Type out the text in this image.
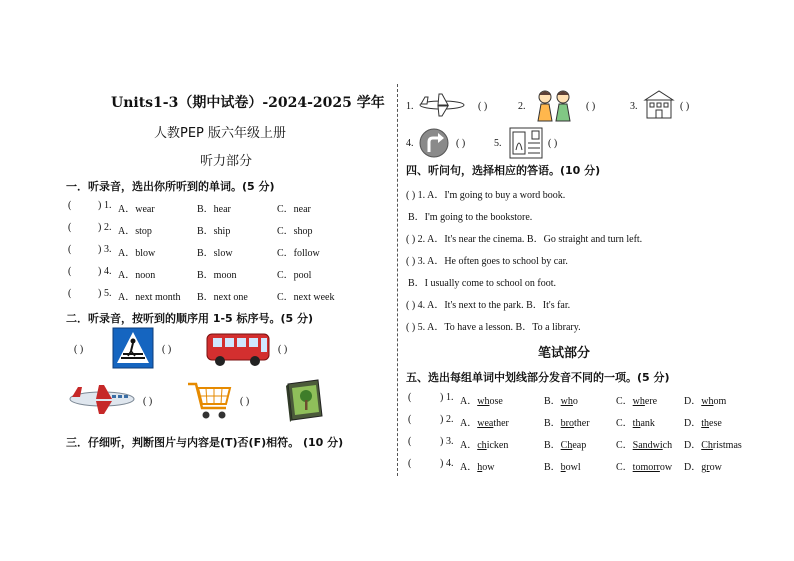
Units1-3（期中试卷）-2024-2025 学年
人教PEP 版六年级上册
听力部分
一．听录音，选出你所听到的单词。(5 分)
(	) 1. A．wear	B．hear	C．near
(	) 2. A．stop	B．ship	C．shop
(	) 3. A．blow	B．slow	C．follow
(	) 4. A．noon	B．moon	C．pool
(	) 5. A．next month B．next one	C．next week
二．听录音，按听到的顺序用 1-5 标序号。(5 分)
( )	( )	( )
( )	( )
三．仔细听，判断图片与内容是(T)否(F)相符。 (10 分)
1.	( )	2.	( )	3.	( )
4.	( )	5.	( )
四、听问句，选择相应的答语。(10 分)
( ) 1. A．I'm going to buy a word book.
B．I'm going to the bookstore.
( ) 2. A．It's near the cinema. B．Go straight and turn left.
( ) 3. A．He often goes to school by car.
B．I usually come to school on foot.
( ) 4. A．It's next to the park. B．It's far.
( ) 5. A．To have a lesson. B．To a library.
笔试部分
五、选出每组单词中划线部分发音不同的一项。(5 分)
(	) 1. A．whose	B．who	C．where	D．whom
(	) 2. A．weather	B．brother	C．thank	D．these
(	) 3. A．chicken	B．Cheap	C．Sandwich D．Christmas
(	) 4. A．how	B．bowl	C．tomorrow D．grow
